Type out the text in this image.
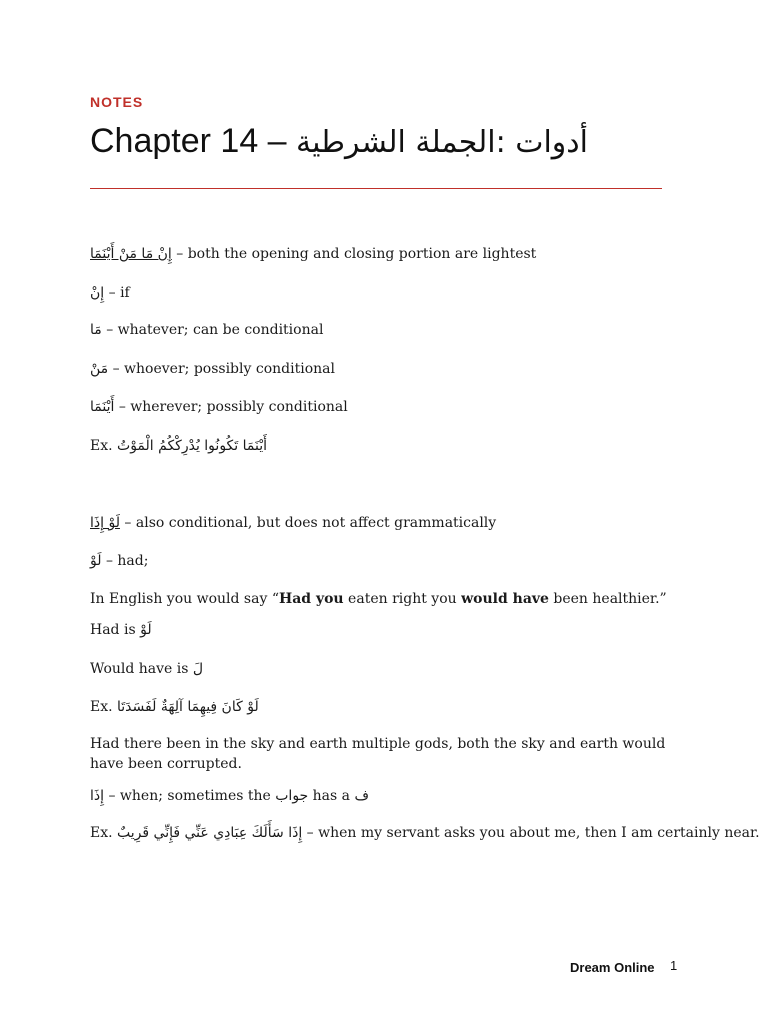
NOTES
Chapter 14 – أدوات :الجملة الشرطية
إِنْ مَا مَنْ أَيْنَمَا – both the opening and closing portion are lightest
إِنْ – if
مَا – whatever; can be conditional
مَنْ – whoever; possibly conditional
أَيْنَمَا – wherever; possibly conditional
Ex. أَيْنَمَا تَكُونُوا يُدْرِكْكُمُ الْمَوْتُ
لَوْ إِذَا – also conditional, but does not affect grammatically
لَوْ – had;
In English you would say “Had you eaten right you would have been healthier.”
Had is لَوْ
Would have is لَ
Ex. لَوْ كَانَ فِيهِمَا آلِهَةٌ لَفَسَدَتَا
Had there been in the sky and earth multiple gods, both the sky and earth would have been corrupted.
إِذَا – when; sometimes the جواب has a ف
Ex. إِذَا سَأَلَكَ عِبَادِي عَنِّي فَإِنِّي قَرِيبٌ – when my servant asks you about me, then I am certainly near.
Dream Online 1
